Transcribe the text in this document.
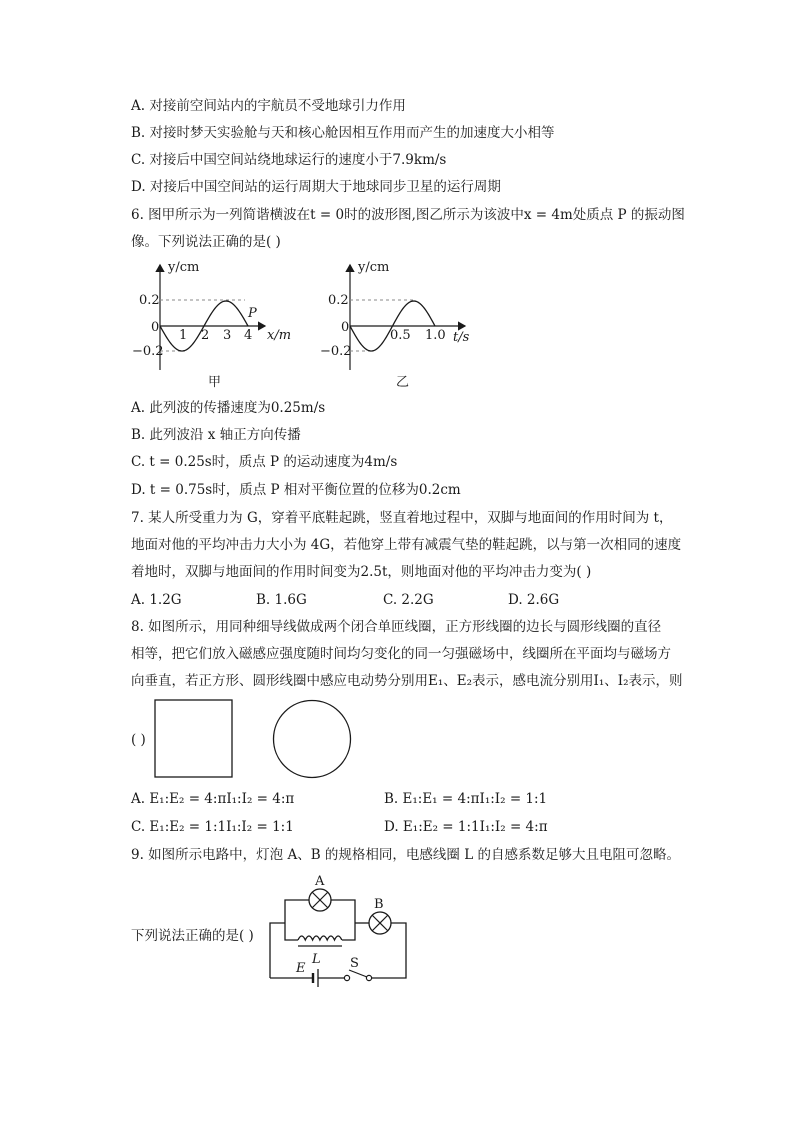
A. 对接前空间站内的宇航员不受地球引力作用
B. 对接时梦天实验舱与天和核心舱因相互作用而产生的加速度大小相等
C. 对接后中国空间站绕地球运行的速度小于7.9km/s
D. 对接后中国空间站的运行周期大于地球同步卫星的运行周期
6. 图甲所示为一列简谐横波在t = 0时的波形图,图乙所示为该波中x = 4m处质点 P 的振动图
像。下列说法正确的是( )
y/cm
0.2
−0.2
0
1 2 3 4
P
x/m
y/cm
0.2
−0.2
0
0.5 1.0 t/s
甲	乙
A. 此列波的传播速度为0.25m/s
B. 此列波沿 x 轴正方向传播
C. t = 0.25s时，质点 P 的运动速度为4m/s
D. t = 0.75s时，质点 P 相对平衡位置的位移为0.2cm
7. 某人所受重力为 G，穿着平底鞋起跳，竖直着地过程中，双脚与地面间的作用时间为 t，
地面对他的平均冲击力大小为 4G，若他穿上带有减震气垫的鞋起跳，以与第一次相同的速度
着地时，双脚与地面间的作用时间变为2.5t，则地面对他的平均冲击力变为( )
A. 1.2G	B. 1.6G	C. 2.2G	D. 2.6G
8. 如图所示，用同种细导线做成两个闭合单匝线圈，正方形线圈的边长与圆形线圈的直径
相等，把它们放入磁感应强度随时间均匀变化的同一匀强磁场中，线圈所在平面均与磁场方
向垂直，若正方形、圆形线圈中感应电动势分别用E₁、E₂表示，感电流分别用I₁、I₂表示，则
( )
A. E₁:E₂ = 4:πI₁:I₂ = 4:π	B. E₁:E₁ = 4:πI₁:I₂ = 1:1
C. E₁:E₂ = 1:1I₁:I₂ = 1:1	D. E₁:E₂ = 1:1I₁:I₂ = 4:π
9. 如图所示电路中，灯泡 A、B 的规格相同，电感线圈 L 的自感系数足够大且电阻可忽略。
下列说法正确的是( )
A
L
B
S
E
